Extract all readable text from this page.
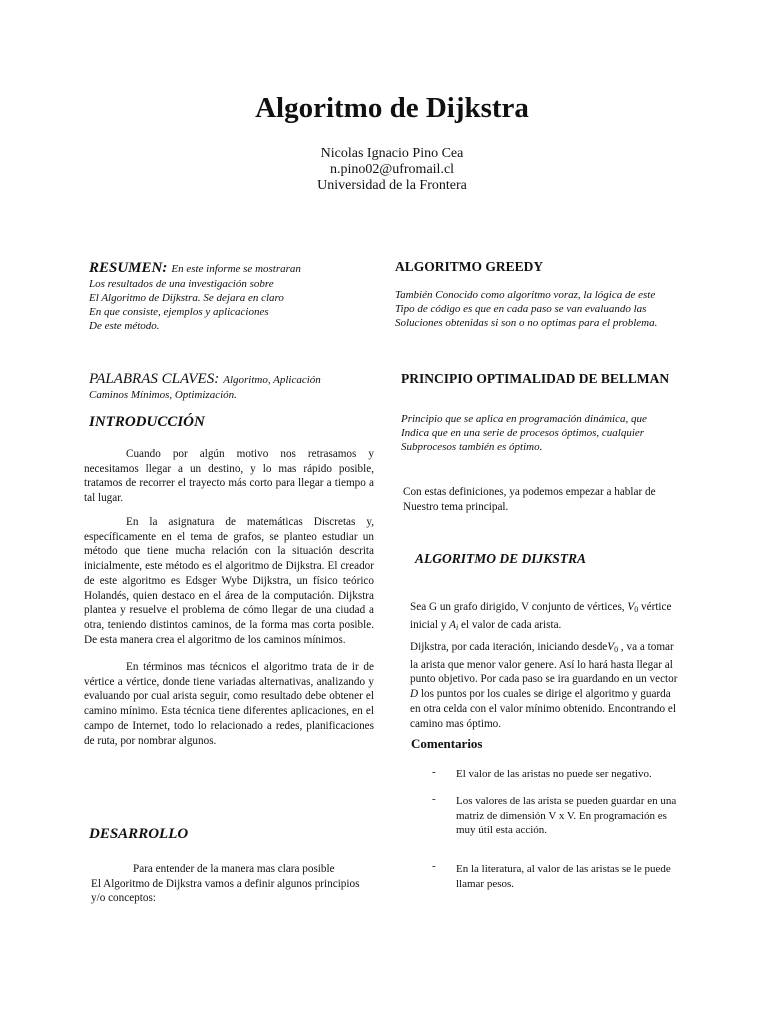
Algoritmo de Dijkstra
Nicolas Ignacio Pino Cea
n.pino02@ufromail.cl
Universidad de la Frontera
RESUMEN: En este informe se mostraran
Los resultados de una investigación sobre
El Algoritmo de Dijkstra. Se dejara en claro
En que consiste, ejemplos y aplicaciones
De este método.
PALABRAS CLAVES: Algoritmo, Aplicación
Caminos Mínimos, Optimización.
INTRODUCCIÓN
Cuando por algún motivo nos retrasamos y necesitamos llegar a un destino, y lo mas rápido posible, tratamos de recorrer el trayecto más corto para llegar a tiempo a tal lugar.
En la asignatura de matemáticas Discretas y, específicamente en el tema de grafos, se planteo estudiar un método que tiene mucha relación con la situación descrita inicialmente, este método es el algoritmo de Dijkstra. El creador de este algoritmo es Edsger Wybe Dijkstra, un físico teórico Holandés, quien destaco en el área de la computación. Dijkstra plantea y resuelve el problema de cómo llegar de una ciudad a otra, teniendo distintos caminos, de la forma mas corta posible. De esta manera crea el algoritmo de los caminos mínimos.
En términos mas técnicos el algoritmo trata de ir de vértice a vértice, donde tiene variadas alternativas, analizando y evaluando por cual arista seguir, como resultado debe obtener el camino mínimo. Esta técnica tiene diferentes aplicaciones, en el campo de Internet, todo lo relacionado a redes, planificaciones de ruta, por nombrar algunos.
DESARROLLO
Para entender de la manera mas clara posible
El Algoritmo de Dijkstra vamos a definir algunos principios
y/o conceptos:
ALGORITMO GREEDY
También Conocido como algoritmo voraz, la lógica de este
Tipo de código es que en cada paso se van evaluando las
Soluciones obtenidas si son o no optimas para el problema.
PRINCIPIO OPTIMALIDAD DE BELLMAN
Principio que se aplica en programación dinámica, que
Indica que en una serie de procesos óptimos, cualquier
Subprocesos también es óptimo.
Con estas definiciones, ya podemos empezar a hablar de
Nuestro tema principal.
ALGORITMO DE DIJKSTRA
Sea G un grafo dirigido, V conjunto de vértices, $V_0$ vértice
inicial y $A_i$ el valor de cada arista.
Dijkstra, por cada iteración, iniciando desdeV$_0$ , va a tomar
la arista que menor valor genere. Así lo hará hasta llegar al
punto objetivo. Por cada paso se ira guardando en un vector
D los puntos por los cuales se dirige el algoritmo y guarda
en otra celda con el valor mínimo obtenido. Encontrando el
camino mas óptimo.
Comentarios
- El valor de las aristas no puede ser negativo.
- Los valores de las arista se pueden guardar en una
matriz de dimensión V x V. En programación es
muy útil esta acción.
- En la literatura, al valor de las aristas se le puede
llamar pesos.
